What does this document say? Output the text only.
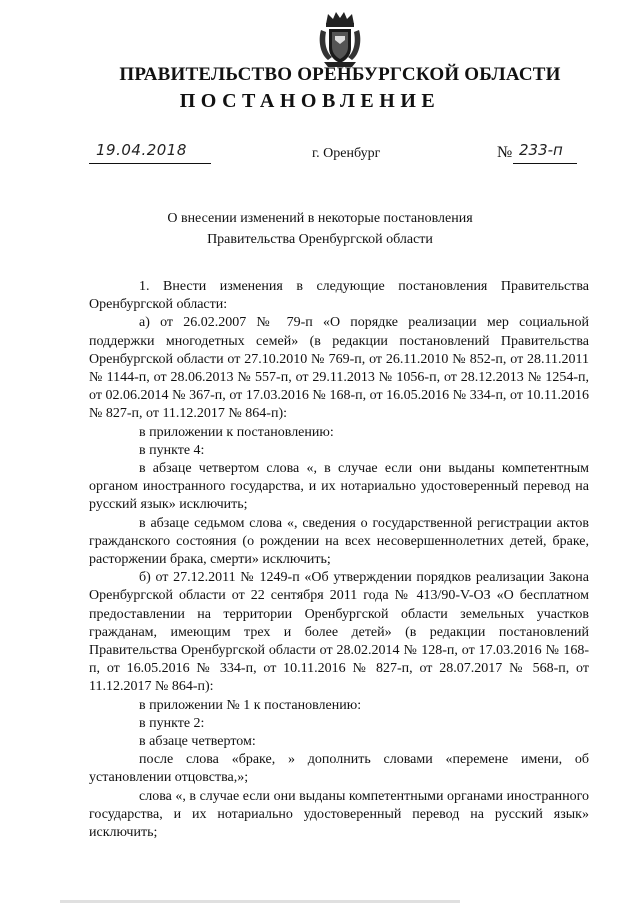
ПРАВИТЕЛЬСТВО ОРЕНБУРГСКОЙ ОБЛАСТИ
ПОСТАНОВЛЕНИЕ
19.04.2018	г. Оренбург	№ 233-п
О внесении изменений в некоторые постановления
Правительства Оренбургской области

1. Внести изменения в следующие постановления Правительства Оренбургской области:

а) от 26.02.2007 № 79-п «О порядке реализации мер социальной поддержки многодетных семей» (в редакции постановлений Правительства Оренбургской области от 27.10.2010 № 769-п, от 26.11.2010 № 852-п, от 28.11.2011 № 1144-п, от 28.06.2013 № 557-п, от 29.11.2013 № 1056-п, от 28.12.2013 № 1254-п, от 02.06.2014 № 367-п, от 17.03.2016 № 168-п, от 16.05.2016 № 334-п, от 10.11.2016 № 827-п, от 11.12.2017 № 864-п):

в приложении к постановлению:

в пункте 4:

в абзаце четвертом слова «, в случае если они выданы компетентным органом иностранного государства, и их нотариально удостоверенный перевод на русский язык» исключить;

в абзаце седьмом слова «, сведения о государственной регистрации актов гражданского состояния (о рождении на всех несовершеннолетних детей, браке, расторжении брака, смерти» исключить;

б) от 27.12.2011 № 1249-п «Об утверждении порядков реализации Закона Оренбургской области от 22 сентября 2011 года № 413/90-V-ОЗ «О бесплатном предоставлении на территории Оренбургской области земельных участков гражданам, имеющим трех и более детей» (в редакции постановлений Правительства Оренбургской области от 28.02.2014 № 128-п, от 17.03.2016 № 168-п, от 16.05.2016 № 334-п, от 10.11.2016 № 827-п, от 28.07.2017 № 568-п, от 11.12.2017 № 864-п):

в приложении № 1 к постановлению:

в пункте 2:

в абзаце четвертом:

после слова «браке, » дополнить словами «перемене имени, об установлении отцовства,»;

слова «, в случае если они выданы компетентными органами иностранного государства, и их нотариально удостоверенный перевод на русский язык» исключить;
